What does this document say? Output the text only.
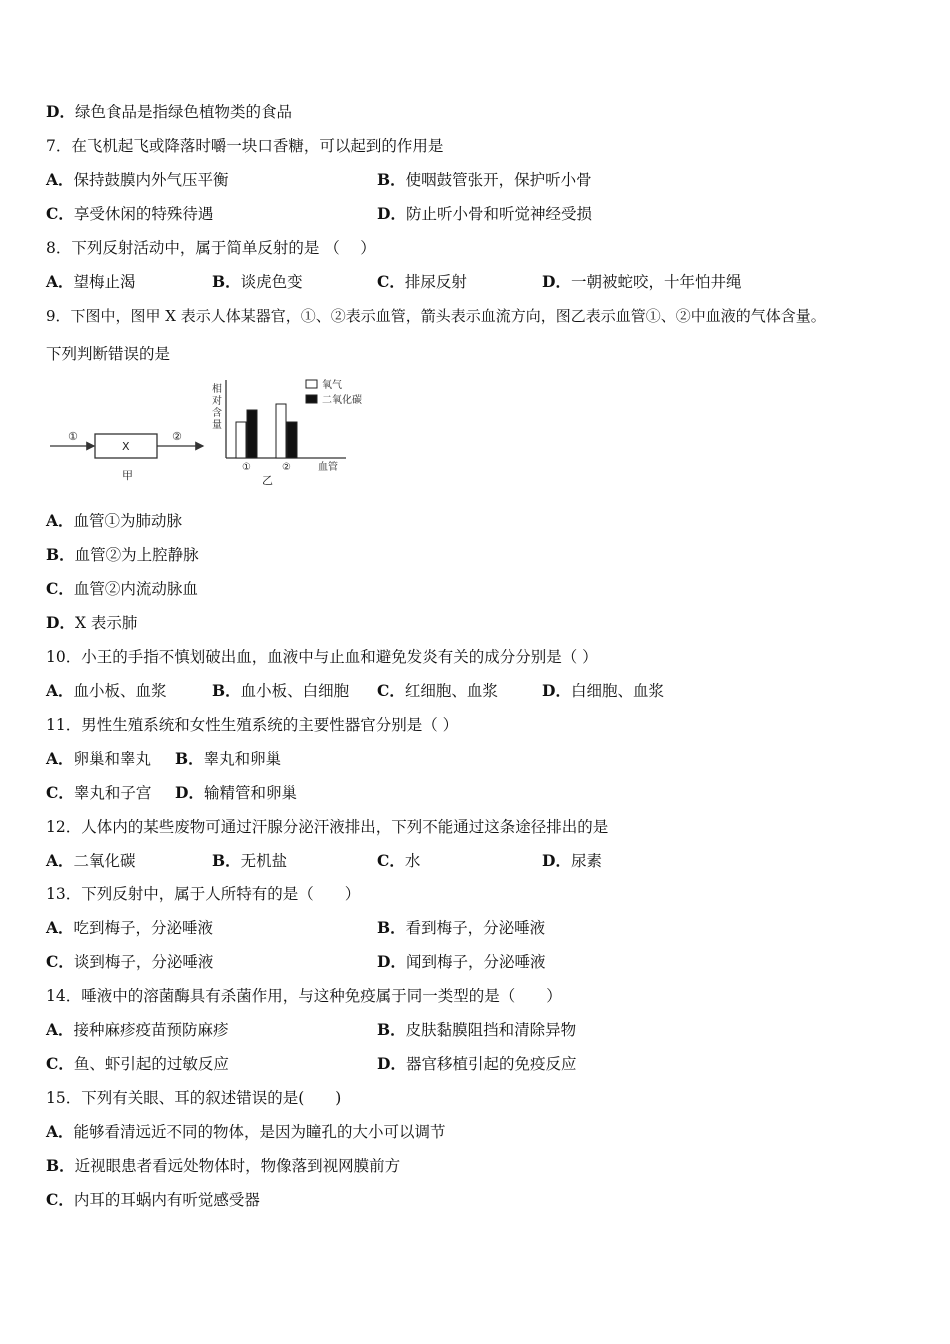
D．绿色食品是指绿色植物类的食品
7．在飞机起飞或降落时嚼一块口香糖，可以起到的作用是
A．保持鼓膜内外气压平衡	B．使咽鼓管张开，保护听小骨
C．享受休闲的特殊待遇	D．防止听小骨和听觉神经受损
8．下列反射活动中，属于简单反射的是 （　 ）
A．望梅止渴	B．谈虎色变	C．排尿反射	D．一朝被蛇咬，十年怕井绳
9．下图中，图甲 X 表示人体某器官，①、②表示血管，箭头表示血流方向，图乙表示血管①、②中血液的气体含量。
下列判断错误的是
①
X
②
甲
相
对
含
量
①	②	血管
乙
氧气
二氧化碳
A．血管①为肺动脉
B．血管②为上腔静脉
C．血管②内流动脉血
D．X 表示肺
10．小王的手指不慎划破出血，血液中与止血和避免发炎有关的成分分别是（ ）
A．血小板、血浆	B．血小板、白细胞 C．红细胞、血浆	D．白细胞、血浆
11．男性生殖系统和女性生殖系统的主要性器官分别是（ ）
A．卵巢和睾丸 B．睾丸和卵巢
C．睾丸和子宫 D．输精管和卵巢
12．人体内的某些废物可通过汗腺分泌汗液排出，下列不能通过这条途径排出的是
A．二氧化碳	B．无机盐	C．水	D．尿素
13．下列反射中，属于人所特有的是（　　）
A．吃到梅子，分泌唾液	B．看到梅子，分泌唾液
C．谈到梅子，分泌唾液	D．闻到梅子，分泌唾液
14．唾液中的溶菌酶具有杀菌作用，与这种免疫属于同一类型的是（　　）
A．接种麻疹疫苗预防麻疹	B．皮肤黏膜阻挡和清除异物
C．鱼、虾引起的过敏反应	D．器官移植引起的免疫反应
15．下列有关眼、耳的叙述错误的是(　　)
A．能够看清远近不同的物体，是因为瞳孔的大小可以调节
B．近视眼患者看远处物体时，物像落到视网膜前方
C．内耳的耳蜗内有听觉感受器
